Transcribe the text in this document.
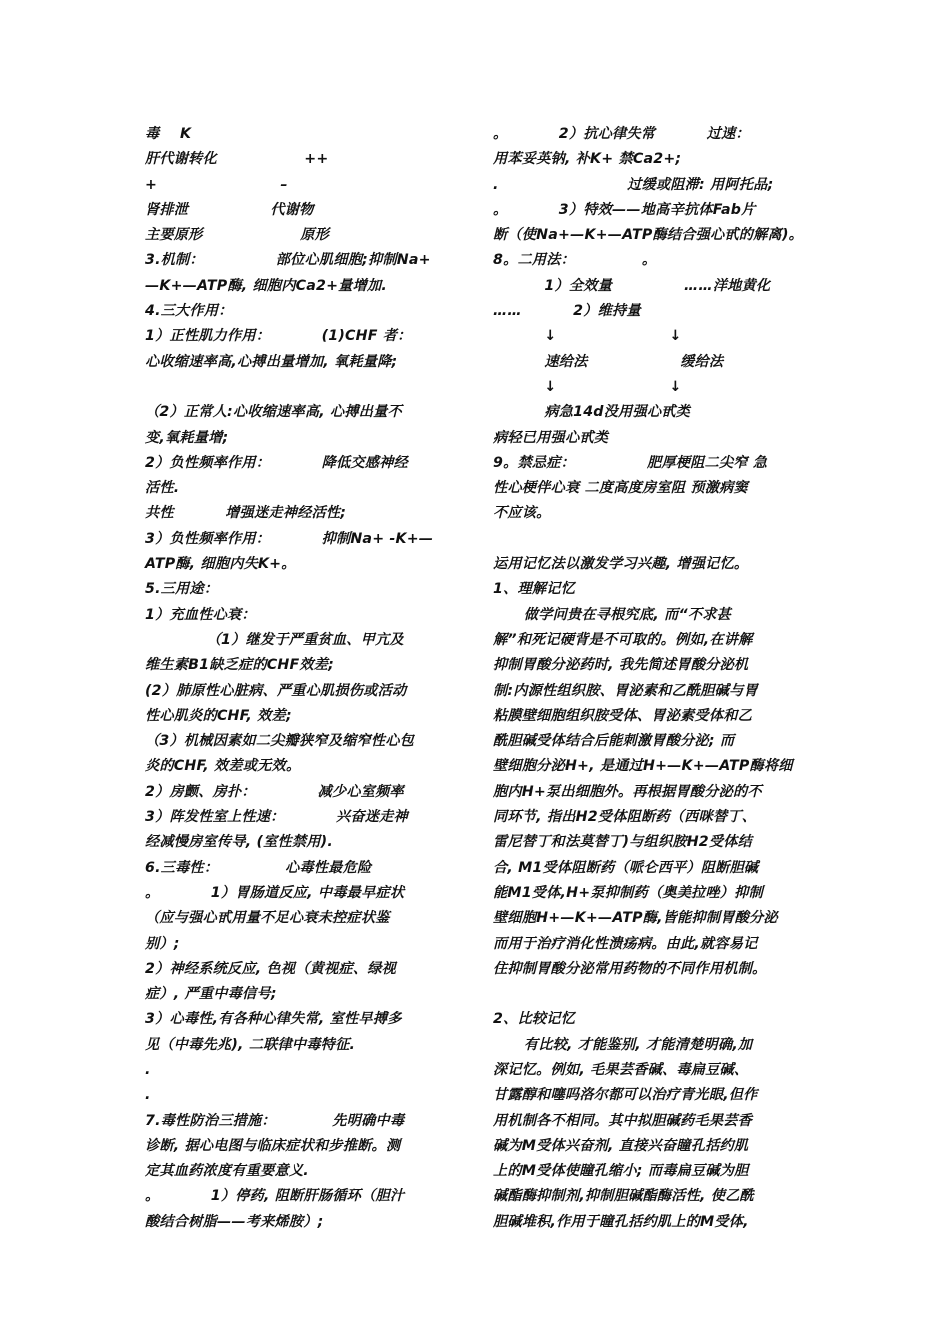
毒    K
肝代谢转化                 ++
+                        –
肾排泄                代谢物
主要原形                   原形
3.机制：              部位心肌细胞;抑制Na+
—K+—ATP酶, 细胞内Ca2+量增加.
4.三大作用：
1）正性肌力作用：          (1)CHF 者：
心收缩速率高,心搏出量增加, 氧耗量降;
（2）正常人:心收缩速率高, 心搏出量不
变,氧耗量增;
2）负性频率作用：          降低交感神经
活性.
共性          增强迷走神经活性;
3）负性频率作用：          抑制Na+ -K+—
ATP酶, 细胞内失K+。
5.三用途：
1）充血性心衰：
（1）继发于严重贫血、甲亢及
维生素B1缺乏症的CHF效差;
(2）肺原性心脏病、严重心肌损伤或活动
性心肌炎的CHF, 效差;
（3）机械因素如二尖瓣狭窄及缩窄性心包
炎的CHF, 效差或无效。
2）房颤、房扑：            减少心室频率
3）阵发性室上性速：          兴奋迷走神
经减慢房室传导, (室性禁用).
6.三毒性：             心毒性最危险
。          1）胃肠道反应, 中毒最早症状
（应与强心甙用量不足心衰未控症状鉴
别）;
2）神经系统反应, 色视（黄视症、绿视
症）, 严重中毒信号;
3）心毒性,有各种心律失常, 室性早搏多
见（中毒先兆), 二联律中毒特征.
.
.
7.毒性防治三措施：           先明确中毒
诊断, 据心电图与临床症状和步推断。测
定其血药浓度有重要意义.
。          1）停药, 阻断肝肠循环（胆汁
酸结合树脂——考来烯胺）;
。          2）抗心律失常          过速：
用苯妥英钠, 补K+ 禁Ca2+;
.                         过缓或阻滞: 用阿托品;
。          3）特效——地高辛抗体Fab片
断（使Na+—K+—ATP酶结合强心甙的解离)。
8。二用法：             。
1）全效量              ……洋地黄化
……          2）维持量
↓                      ↓
速给法                  缓给法
↓                      ↓
病急14d没用强心甙类
病轻已用强心甙类
9。禁忌症：              肥厚梗阻二尖窄 急
性心梗伴心衰 二度高度房室阻 预激病窦
不应该。
运用记忆法以激发学习兴趣, 增强记忆。
1、理解记忆
做学问贵在寻根究底, 而“不求甚
解”和死记硬背是不可取的。例如,在讲解
抑制胃酸分泌药时, 我先简述胃酸分泌机
制:内源性组织胺、胃泌素和乙酰胆碱与胃
粘膜壁细胞组织胺受体、胃泌素受体和乙
酰胆碱受体结合后能刺激胃酸分泌; 而
壁细胞分泌H+, 是通过H+—K+—ATP酶将细
胞内H+泵出细胞外。再根据胃酸分泌的不
同环节, 指出H2受体阻断药（西咪替丁、
雷尼替丁和法莫替丁)与组织胺H2受体结
合, M1受体阻断药（哌仑西平）阻断胆碱
能M1受体,H+泵抑制药（奥美拉唑）抑制
壁细胞H+—K+—ATP酶,皆能抑制胃酸分泌
而用于治疗消化性溃疡病。由此,就容易记
住抑制胃酸分泌常用药物的不同作用机制。
2、比较记忆
有比较, 才能鉴别, 才能清楚明确,加
深记忆。例如, 毛果芸香碱、毒扁豆碱、
甘露醇和噻吗洛尔都可以治疗青光眼,但作
用机制各不相同。其中拟胆碱药毛果芸香
碱为M受体兴奋剂, 直接兴奋瞳孔括约肌
上的M受体使瞳孔缩小; 而毒扁豆碱为胆
碱酯酶抑制剂,抑制胆碱酯酶活性, 使乙酰
胆碱堆积,作用于瞳孔括约肌上的M受体,
